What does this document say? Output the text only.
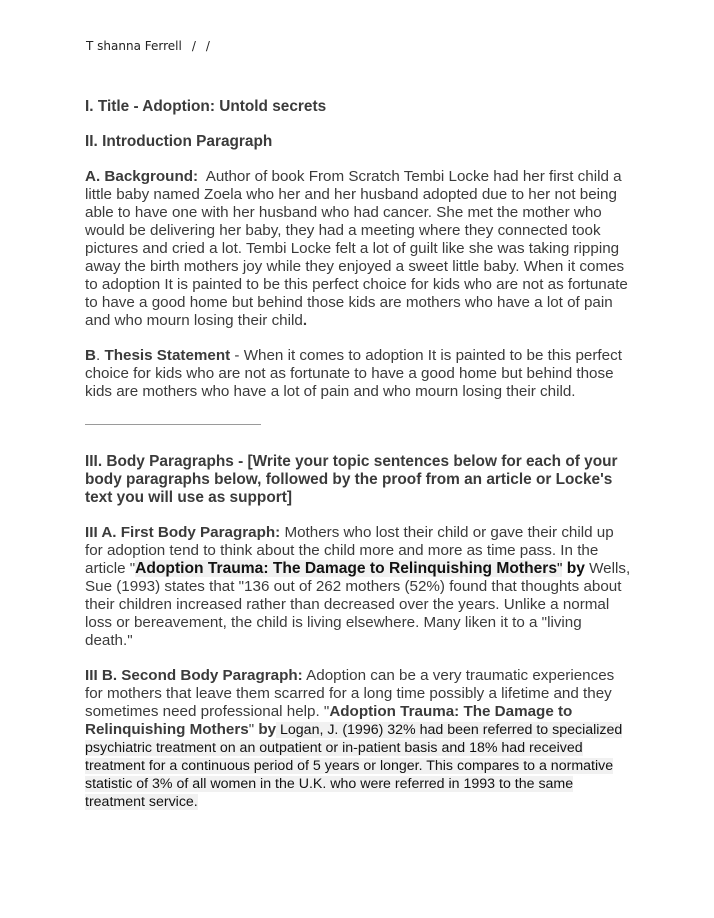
T shanna Ferrell / /

I. Title - Adoption: Untold secrets

II. Introduction Paragraph

A. Background: Author of book From Scratch Tembi Locke had her first child a little baby named Zoela who her and her husband adopted due to her not being able to have one with her husband who had cancer. She met the mother who would be delivering her baby, they had a meeting where they connected took pictures and cried a lot. Tembi Locke felt a lot of guilt like she was taking ripping away the birth mothers joy while they enjoyed a sweet little baby. When it comes to adoption It is painted to be this perfect choice for kids who are not as fortunate to have a good home but behind those kids are mothers who have a lot of pain and who mourn losing their child.

B. Thesis Statement - When it comes to adoption It is painted to be this perfect choice for kids who are not as fortunate to have a good home but behind those kids are mothers who have a lot of pain and who mourn losing their child.

III. Body Paragraphs - [Write your topic sentences below for each of your body paragraphs below, followed by the proof from an article or Locke's text you will use as support]

III A. First Body Paragraph: Mothers who lost their child or gave their child up for adoption tend to think about the child more and more as time pass. In the article "Adoption Trauma: The Damage to Relinquishing Mothers" by Wells, Sue (1993) states that "136 out of 262 mothers (52%) found that thoughts about their children increased rather than decreased over the years. Unlike a normal loss or bereavement, the child is living elsewhere. Many liken it to a "living death."

III B. Second Body Paragraph: Adoption can be a very traumatic experiences for mothers that leave them scarred for a long time possibly a lifetime and they sometimes need professional help. "Adoption Trauma: The Damage to Relinquishing Mothers" by Logan, J. (1996) 32% had been referred to specialized psychiatric treatment on an outpatient or in-patient basis and 18% had received treatment for a continuous period of 5 years or longer. This compares to a normative statistic of 3% of all women in the U.K. who were referred in 1993 to the same treatment service.
